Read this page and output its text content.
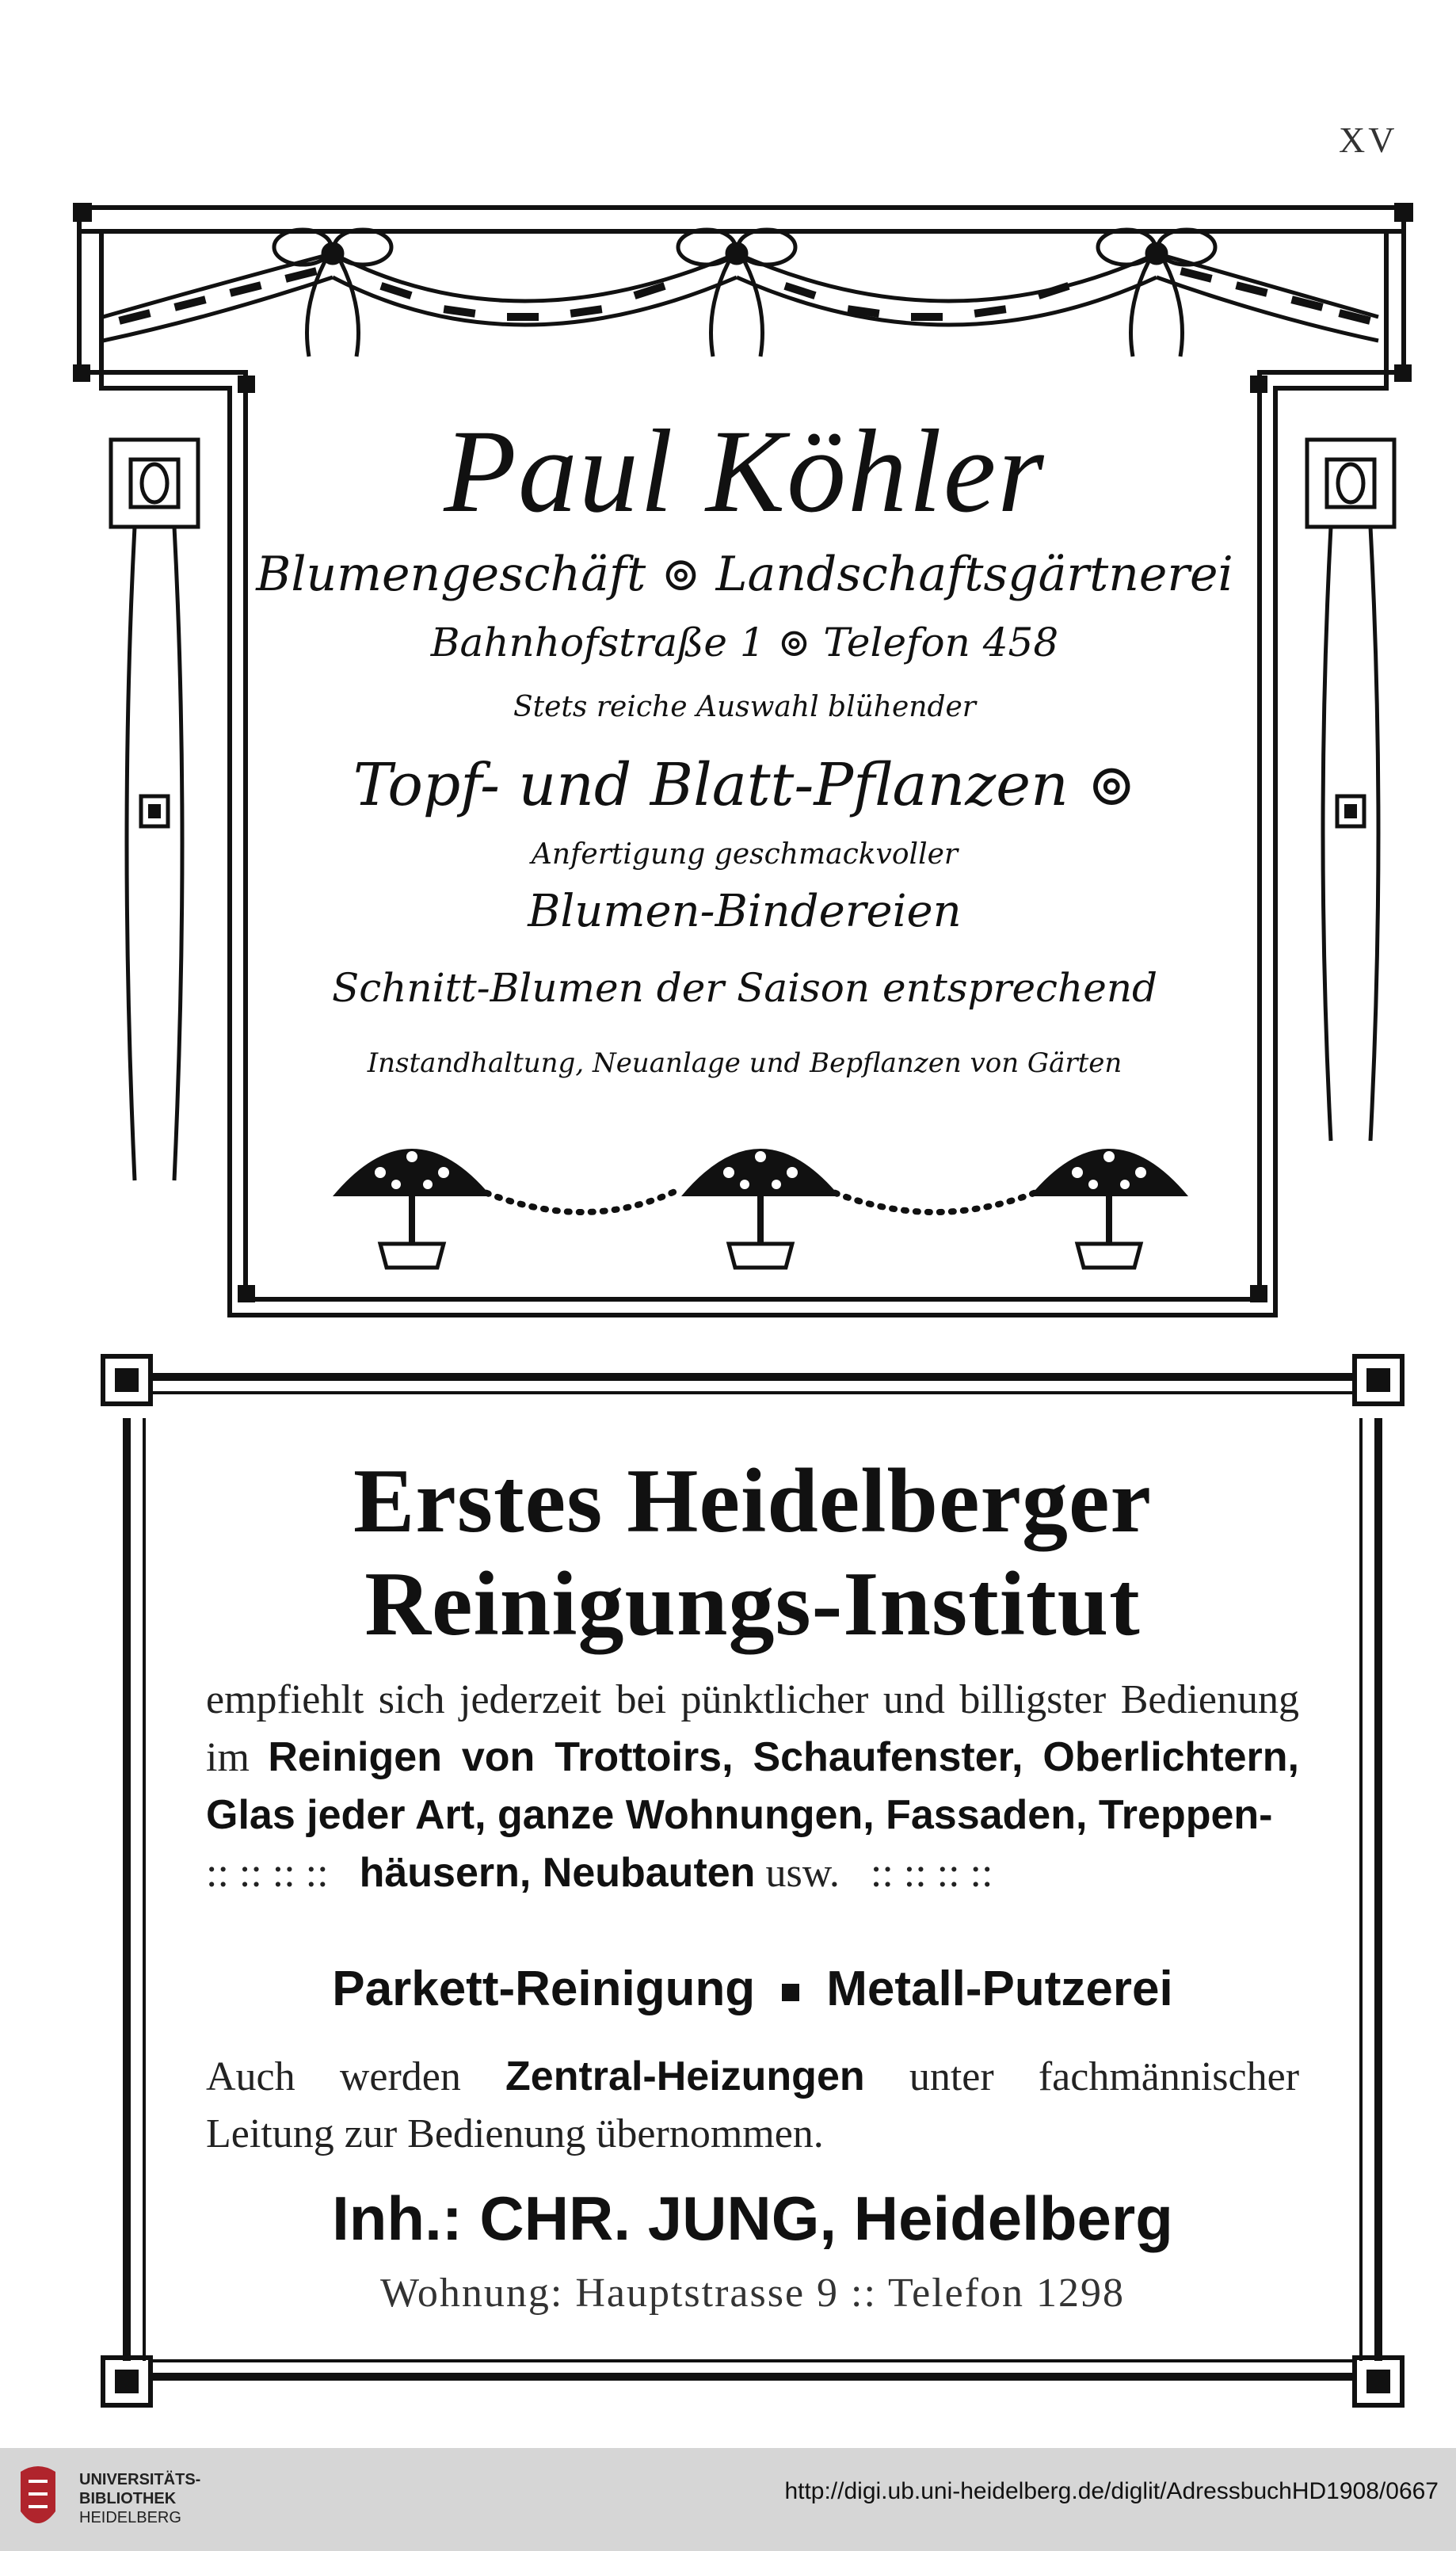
XV
Paul Köhler
Blumengeschäft ⊚ Landschaftsgärtnerei
Bahnhofstraße 1 ⊚ Telefon 458
Stets reiche Auswahl blühender
Topf- und Blatt-Pflanzen ⊚
Anfertigung geschmackvoller
Blumen-Bindereien
Schnitt-Blumen der Saison entsprechend
Instandhaltung, Neuanlage und Bepflanzen von Gärten
Erstes Heidelberger
Reinigungs-Institut
empfiehlt sich jederzeit bei pünktlicher und billigster Bedienung im Reinigen von Trottoirs, Schaufenster, Oberlichtern, Glas jeder Art, ganze Wohnungen, Fassaden, Treppen-
:: :: :: :: häusern, Neubauten usw. :: :: :: ::
Parkett-Reinigung Metall-Putzerei
Auch werden Zentral-Heizungen unter fachmännischer Leitung zur Bedienung übernommen.
Inh.: CHR. JUNG, Heidelberg
Wohnung: Hauptstrasse 9 :: Telefon 1298
UNIVERSITÄTS-
BIBLIOTHEK
HEIDELBERG
http://digi.ub.uni-heidelberg.de/diglit/AdressbuchHD1908/0667
